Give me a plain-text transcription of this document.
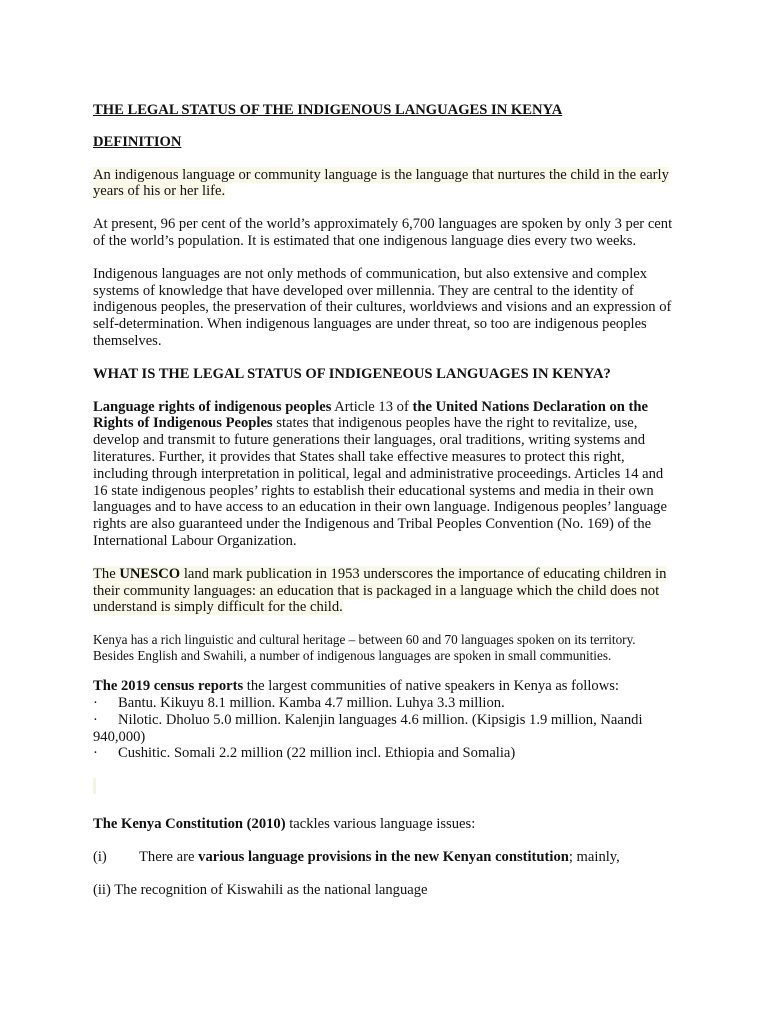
THE LEGAL STATUS OF THE INDIGENOUS LANGUAGES IN KENYA

DEFINITION

An indigenous language or community language is the language that nurtures the child in the early years of his or her life.

At present, 96 per cent of the world’s approximately 6,700 languages are spoken by only 3 per cent of the world’s population. It is estimated that one indigenous language dies every two weeks.

Indigenous languages are not only methods of communication, but also extensive and complex systems of knowledge that have developed over millennia. They are central to the identity of indigenous peoples, the preservation of their cultures, worldviews and visions and an expression of self-determination. When indigenous languages are under threat, so too are indigenous peoples themselves.

WHAT IS THE LEGAL STATUS OF INDIGENEOUS LANGUAGES IN KENYA?

Language rights of indigenous peoples Article 13 of the United Nations Declaration on the Rights of Indigenous Peoples states that indigenous peoples have the right to revitalize, use, develop and transmit to future generations their languages, oral traditions, writing systems and literatures. Further, it provides that States shall take effective measures to protect this right, including through interpretation in political, legal and administrative proceedings. Articles 14 and 16 state indigenous peoples’ rights to establish their educational systems and media in their own languages and to have access to an education in their own language. Indigenous peoples’ language rights are also guaranteed under the Indigenous and Tribal Peoples Convention (No. 169) of the International Labour Organization.

The UNESCO land mark publication in 1953 underscores the importance of educating children in their community languages: an education that is packaged in a language which the child does not understand is simply difficult for the child.

Kenya has a rich linguistic and cultural heritage – between 60 and 70 languages spoken on its territory.

Besides English and Swahili, a number of indigenous languages are spoken in small communities.

The 2019 census reports the largest communities of native speakers in Kenya as follows:

· Bantu. Kikuyu 8.1 million. Kamba 4.7 million. Luhya 3.3 million.

· Nilotic. Dholuo 5.0 million. Kalenjin languages 4.6 million. (Kipsigis 1.9 million, Naandi 940,000)

· Cushitic. Somali 2.2 million (22 million incl. Ethiopia and Somalia)

The Kenya Constitution (2010) tackles various language issues:

(i)	There are various language provisions in the new Kenyan constitution; mainly,

(ii) The recognition of Kiswahili as the national language
